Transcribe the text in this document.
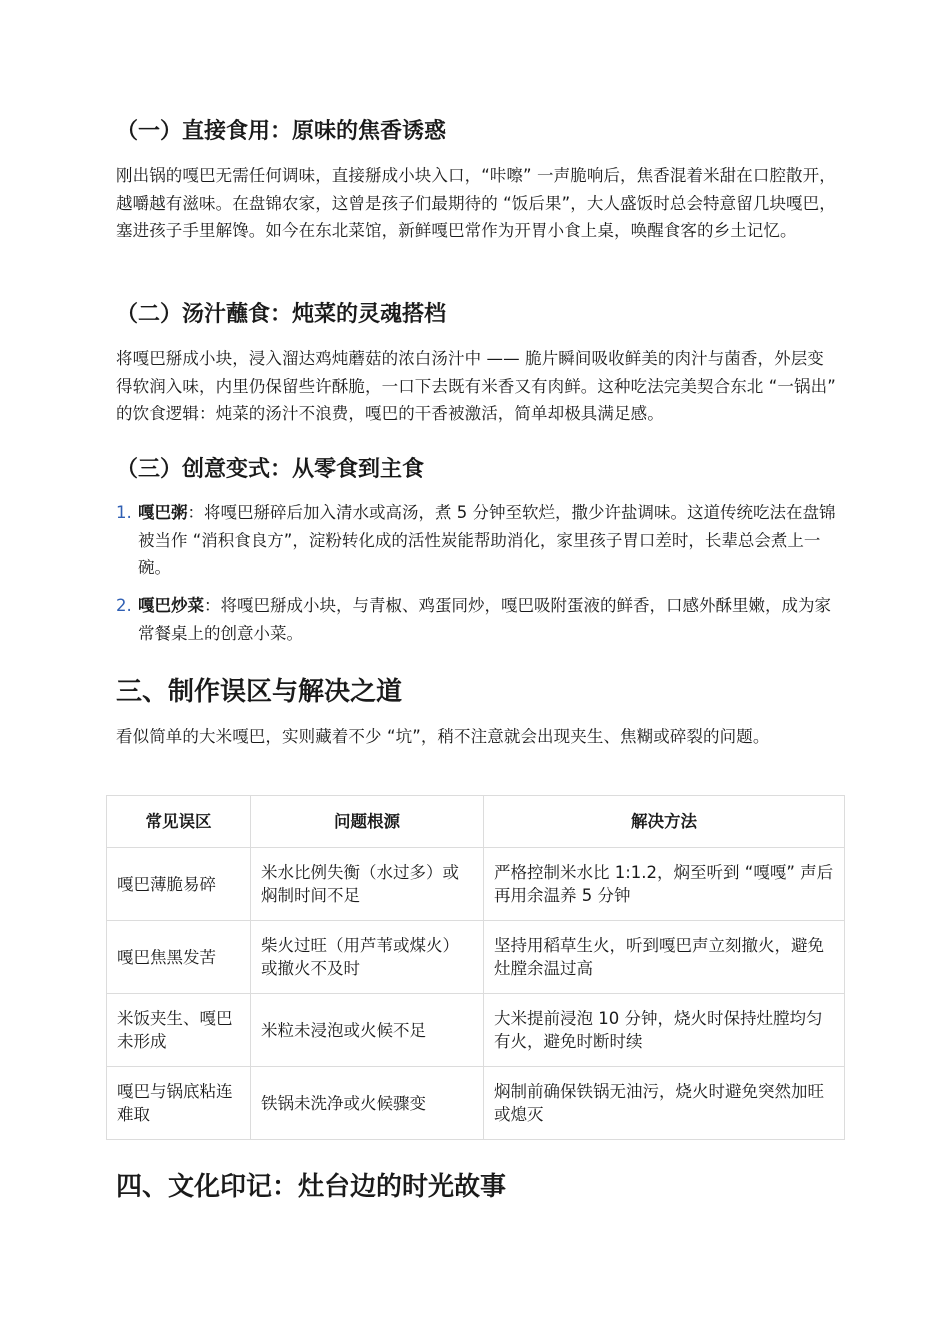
（一）直接食用：原味的焦香诱惑

刚出锅的嘎巴无需任何调味，直接掰成小块入口，“咔嚓” 一声脆响后，焦香混着米甜在口腔散开，越嚼越有滋味。在盘锦农家，这曾是孩子们最期待的 “饭后果”，大人盛饭时总会特意留几块嘎巴，塞进孩子手里解馋。如今在东北菜馆，新鲜嘎巴常作为开胃小食上桌，唤醒食客的乡土记忆。

（二）汤汁蘸食：炖菜的灵魂搭档

将嘎巴掰成小块，浸入溜达鸡炖蘑菇的浓白汤汁中 —— 脆片瞬间吸收鲜美的肉汁与菌香，外层变得软润入味，内里仍保留些许酥脆，一口下去既有米香又有肉鲜。这种吃法完美契合东北 “一锅出” 的饮食逻辑：炖菜的汤汁不浪费，嘎巴的干香被激活，简单却极具满足感。

（三）创意变式：从零食到主食
1. 嘎巴粥：将嘎巴掰碎后加入清水或高汤，煮 5 分钟至软烂，撒少许盐调味。这道传统吃法在盘锦被当作 “消积食良方”，淀粉转化成的活性炭能帮助消化，家里孩子胃口差时，长辈总会煮上一碗。
2. 嘎巴炒菜：将嘎巴掰成小块，与青椒、鸡蛋同炒，嘎巴吸附蛋液的鲜香，口感外酥里嫩，成为家常餐桌上的创意小菜。
三、制作误区与解决之道

看似简单的大米嘎巴，实则藏着不少 “坑”，稍不注意就会出现夹生、焦糊或碎裂的问题。

常见误区	问题根源	解决方法
嘎巴薄脆易碎	米水比例失衡（水过多）或焖制时间不足	严格控制米水比 1:1.2，焖至听到 “嘎嘎” 声后再用余温养 5 分钟
嘎巴焦黑发苦	柴火过旺（用芦苇或煤火）或撤火不及时	坚持用稻草生火，听到嘎巴声立刻撤火，避免灶膛余温过高
米饭夹生、嘎巴未形成	米粒未浸泡或火候不足	大米提前浸泡 10 分钟，烧火时保持灶膛均匀有火，避免时断时续
嘎巴与锅底粘连难取	铁锅未洗净或火候骤变	焖制前确保铁锅无油污，烧火时避免突然加旺或熄灭
四、文化印记：灶台边的时光故事
